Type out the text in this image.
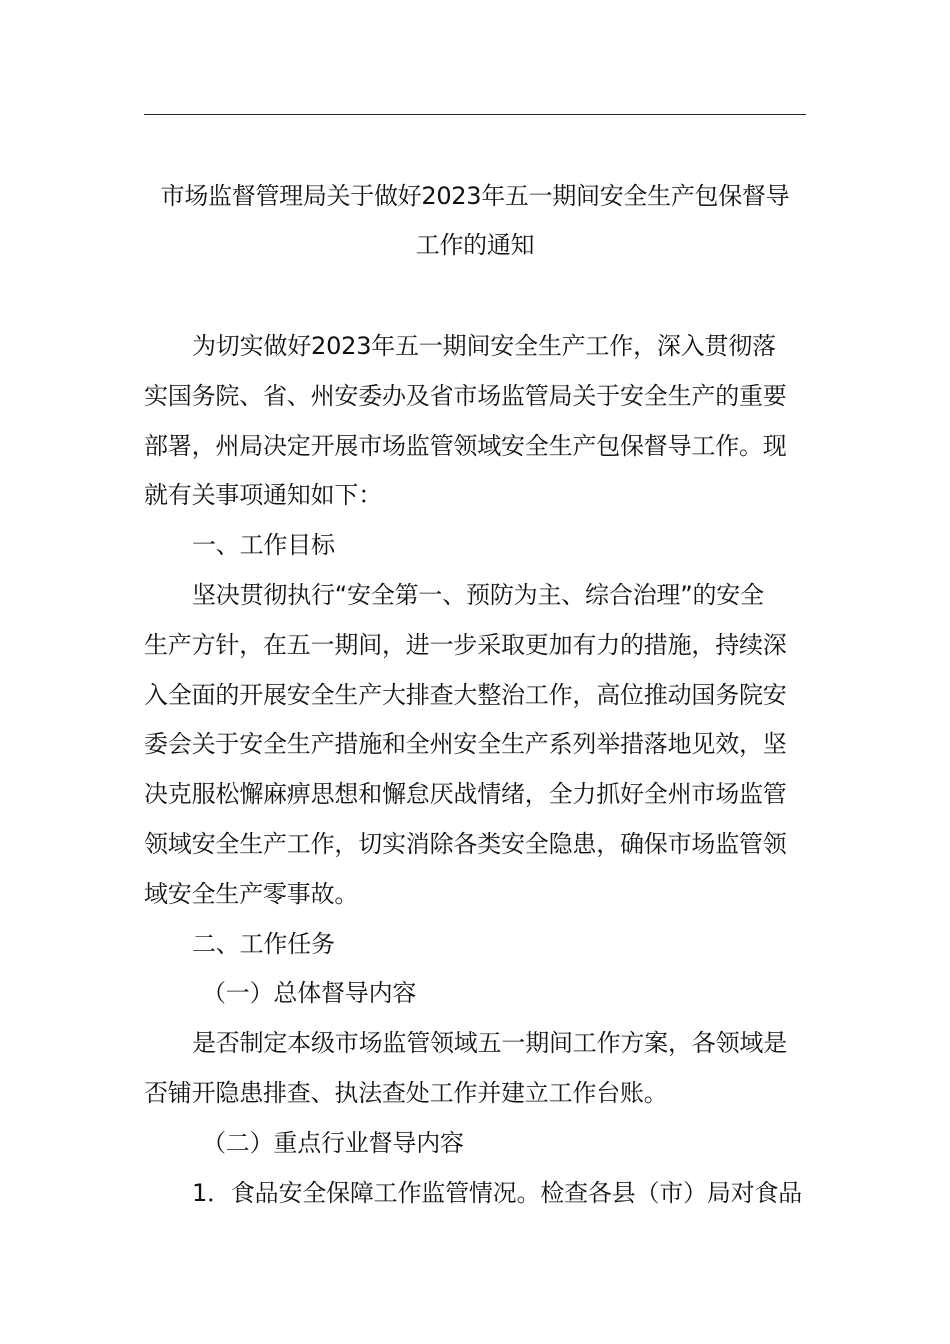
市场监督管理局关于做好2023年五一期间安全生产包保督导
工作的通知
为切实做好2023年五一期间安全生产工作，深入贯彻落
实国务院、省、州安委办及省市场监管局关于安全生产的重要
部署，州局决定开展市场监管领域安全生产包保督导工作。现
就有关事项通知如下：
一、工作目标
坚决贯彻执行“安全第一、预防为主、综合治理”的安全
生产方针，在五一期间，进一步采取更加有力的措施，持续深
入全面的开展安全生产大排查大整治工作，高位推动国务院安
委会关于安全生产措施和全州安全生产系列举措落地见效，坚
决克服松懈麻痹思想和懈怠厌战情绪，全力抓好全州市场监管
领域安全生产工作，切实消除各类安全隐患，确保市场监管领
域安全生产零事故。
二、工作任务
（一）总体督导内容
是否制定本级市场监管领域五一期间工作方案，各领域是
否铺开隐患排查、执法查处工作并建立工作台账。
（二）重点行业督导内容
1．食品安全保障工作监管情况。检查各县（市）局对食品
